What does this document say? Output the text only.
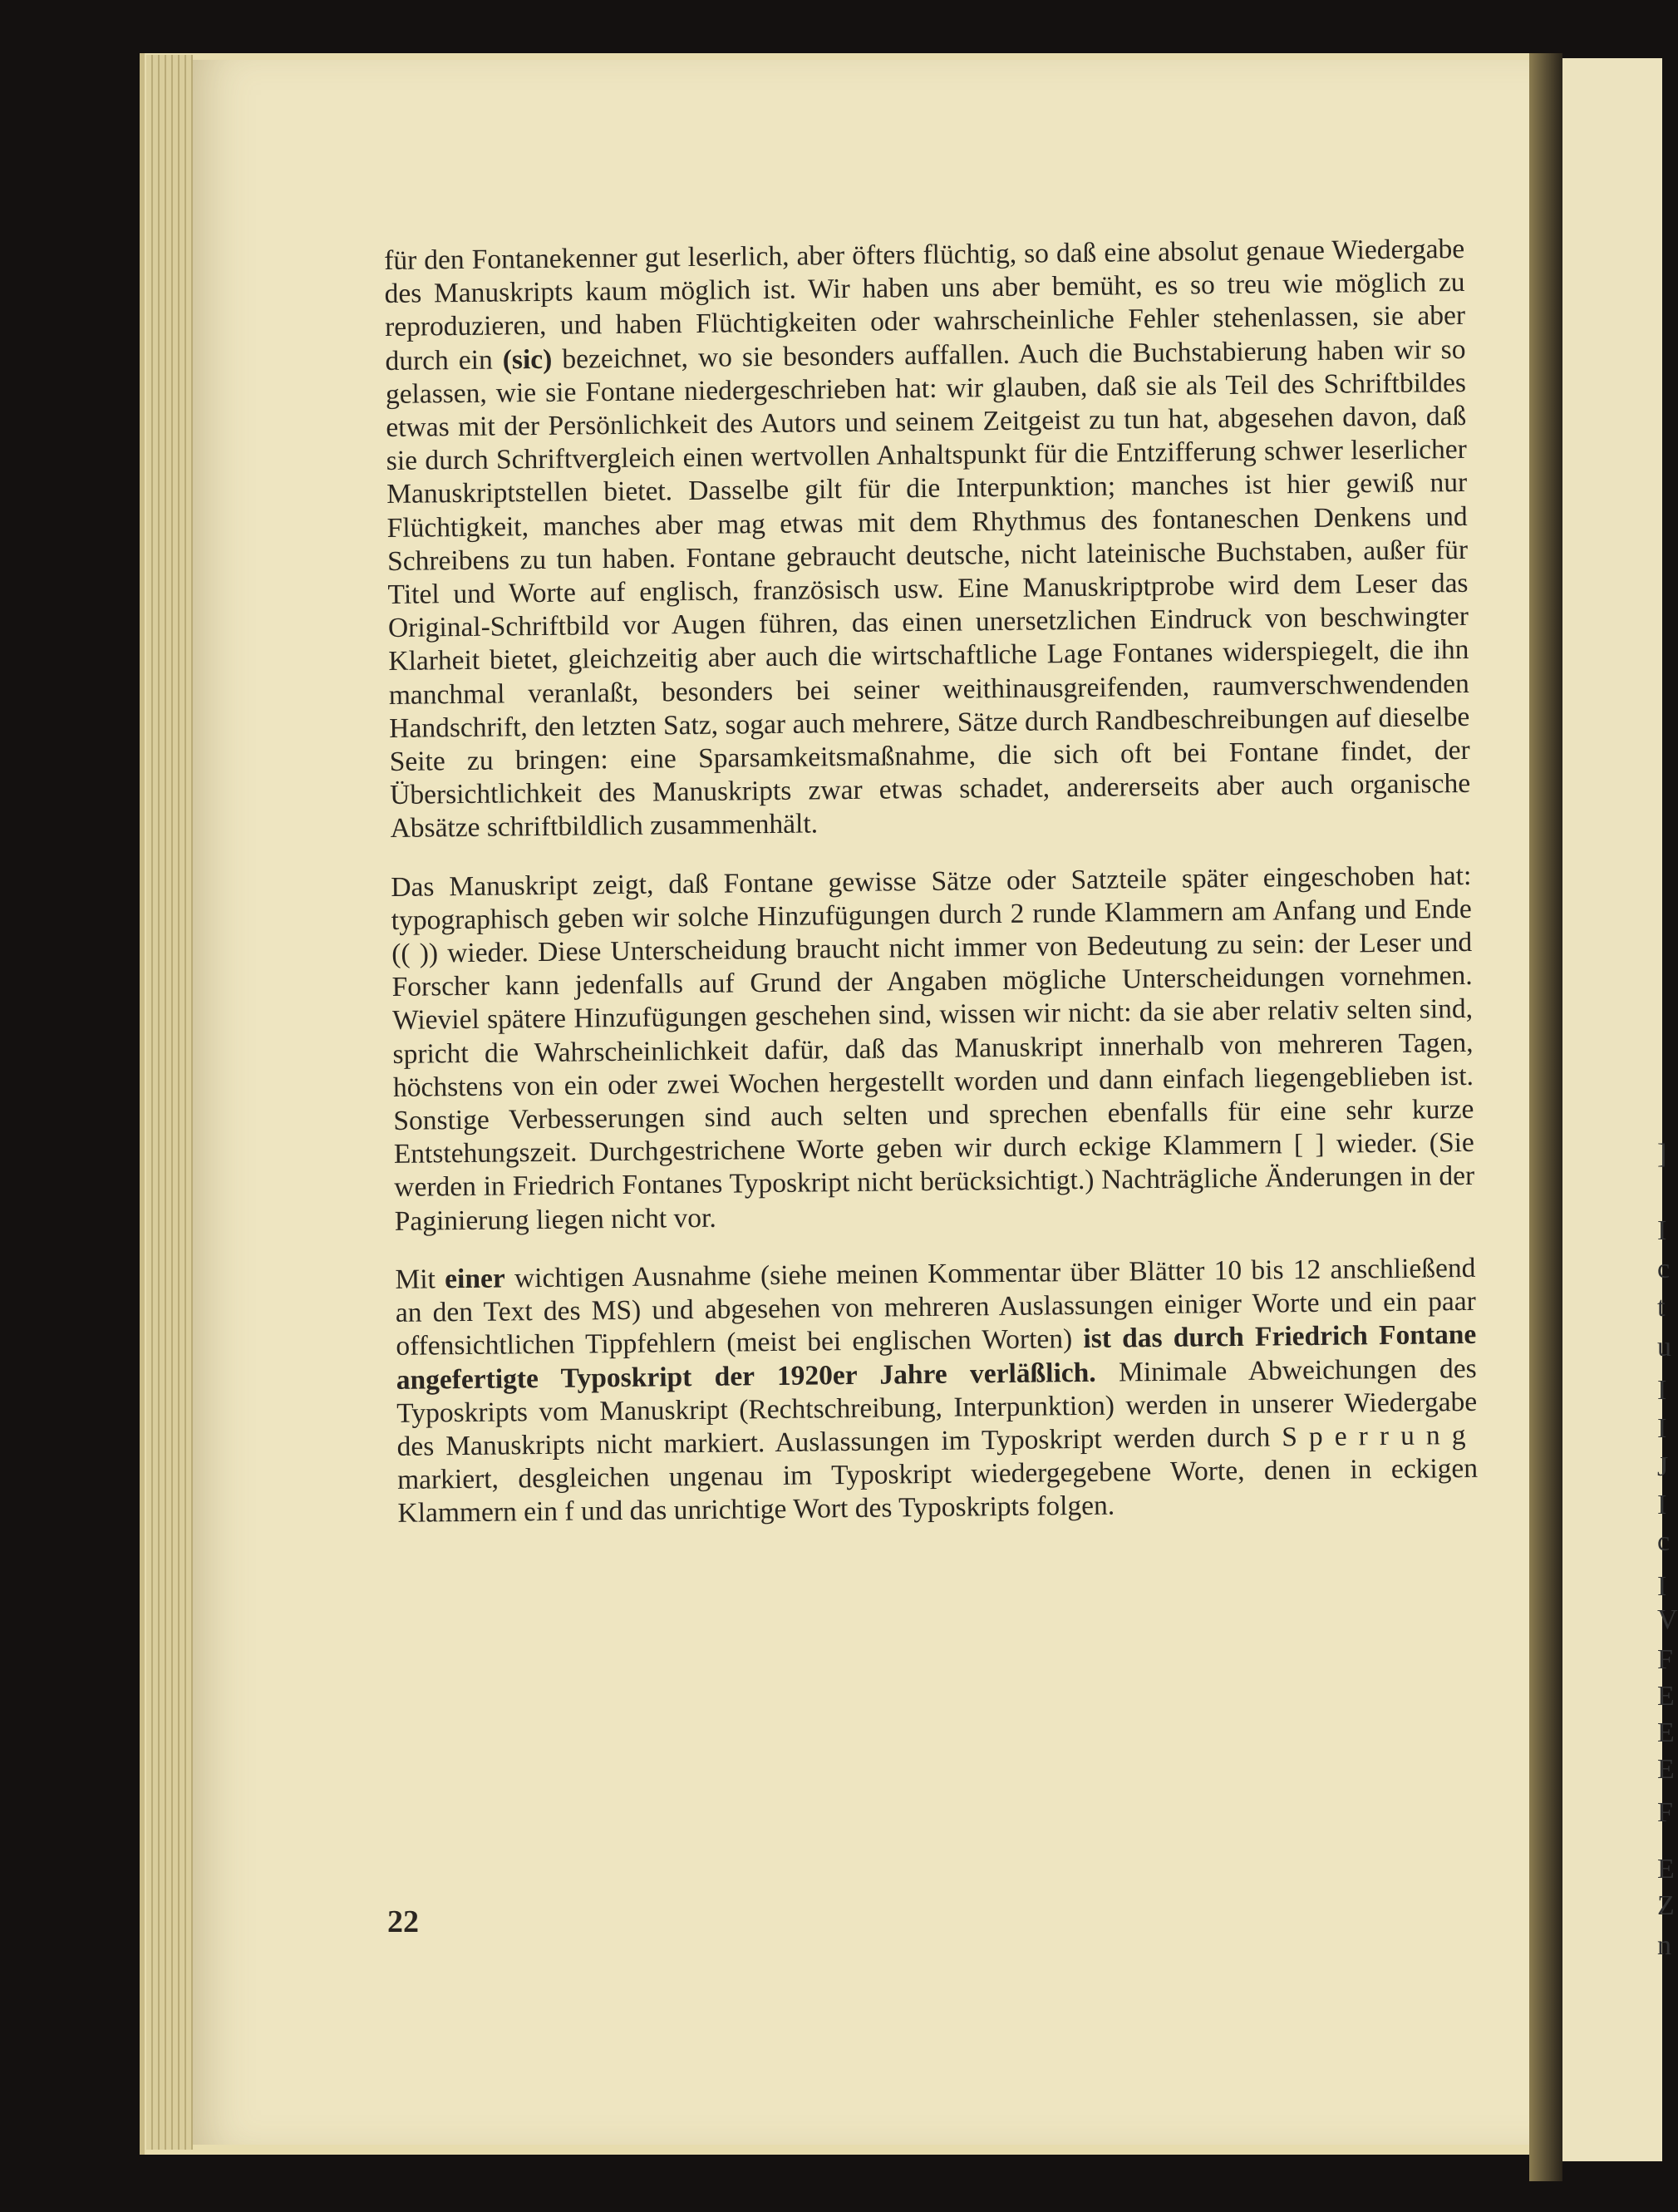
]
I
c
t
u
I
I
J
I
c
I
V
F
E
E
E
F
E
Z
n

für den Fontanekenner gut leserlich, aber öfters flüchtig, so daß eine absolut genaue Wiedergabe des Manuskripts kaum möglich ist. Wir haben uns aber bemüht, es so treu wie möglich zu reproduzieren, und haben Flüchtigkeiten oder wahrscheinliche Fehler stehenlassen, sie aber durch ein (sic) bezeichnet, wo sie besonders auffallen. Auch die Buchstabierung haben wir so gelassen, wie sie Fontane niedergeschrieben hat: wir glauben, daß sie als Teil des Schriftbildes etwas mit der Persönlichkeit des Autors und seinem Zeitgeist zu tun hat, abgesehen davon, daß sie durch Schriftvergleich einen wertvollen Anhaltspunkt für die Entzifferung schwer leserlicher Manuskriptstellen bietet. Dasselbe gilt für die Interpunktion; manches ist hier gewiß nur Flüchtigkeit, manches aber mag etwas mit dem Rhythmus des fontaneschen Denkens und Schreibens zu tun haben. Fontane gebraucht deutsche, nicht lateinische Buchstaben, außer für Titel und Worte auf englisch, französisch usw. Eine Manuskriptprobe wird dem Leser das Original-Schriftbild vor Augen führen, das einen unersetzlichen Eindruck von beschwingter Klarheit bietet, gleichzeitig aber auch die wirtschaftliche Lage Fontanes widerspiegelt, die ihn manchmal veranlaßt, besonders bei seiner weithinausgreifenden, raumverschwendenden Handschrift, den letzten Satz, sogar auch mehrere, Sätze durch Randbeschreibungen auf dieselbe Seite zu bringen: eine Sparsamkeitsmaßnahme, die sich oft bei Fontane findet, der Übersichtlichkeit des Manuskripts zwar etwas schadet, andererseits aber auch organische Absätze schriftbildlich zusammenhält.

Das Manuskript zeigt, daß Fontane gewisse Sätze oder Satzteile später eingeschoben hat: typographisch geben wir solche Hinzufügungen durch 2 runde Klammern am Anfang und Ende (( )) wieder. Diese Unterscheidung braucht nicht immer von Bedeutung zu sein: der Leser und Forscher kann jedenfalls auf Grund der Angaben mögliche Unterscheidungen vornehmen. Wieviel spätere Hinzufügungen geschehen sind, wissen wir nicht: da sie aber relativ selten sind, spricht die Wahrscheinlichkeit dafür, daß das Manuskript innerhalb von mehreren Tagen, höchstens von ein oder zwei Wochen hergestellt worden und dann einfach liegengeblieben ist. Sonstige Verbesserungen sind auch selten und sprechen ebenfalls für eine sehr kurze Entstehungszeit. Durchgestrichene Worte geben wir durch eckige Klammern [ ] wieder. (Sie werden in Friedrich Fontanes Typoskript nicht berücksichtigt.) Nachträgliche Änderungen in der Paginierung liegen nicht vor.

Mit einer wichtigen Ausnahme (siehe meinen Kommentar über Blätter 10 bis 12 anschließend an den Text des MS) und abgesehen von mehreren Auslassungen einiger Worte und ein paar offensichtlichen Tippfehlern (meist bei englischen Worten) ist das durch Friedrich Fontane angefertigte Typoskript der 1920er Jahre verläßlich. Minimale Abweichungen des Typoskripts vom Manuskript (Rechtschreibung, Interpunktion) werden in unserer Wiedergabe des Manuskripts nicht markiert. Auslassungen im Typoskript werden durch Sperrung markiert, desgleichen ungenau im Typoskript wiedergegebene Worte, denen in eckigen Klammern ein f und das unrichtige Wort des Typoskripts folgen.

22
